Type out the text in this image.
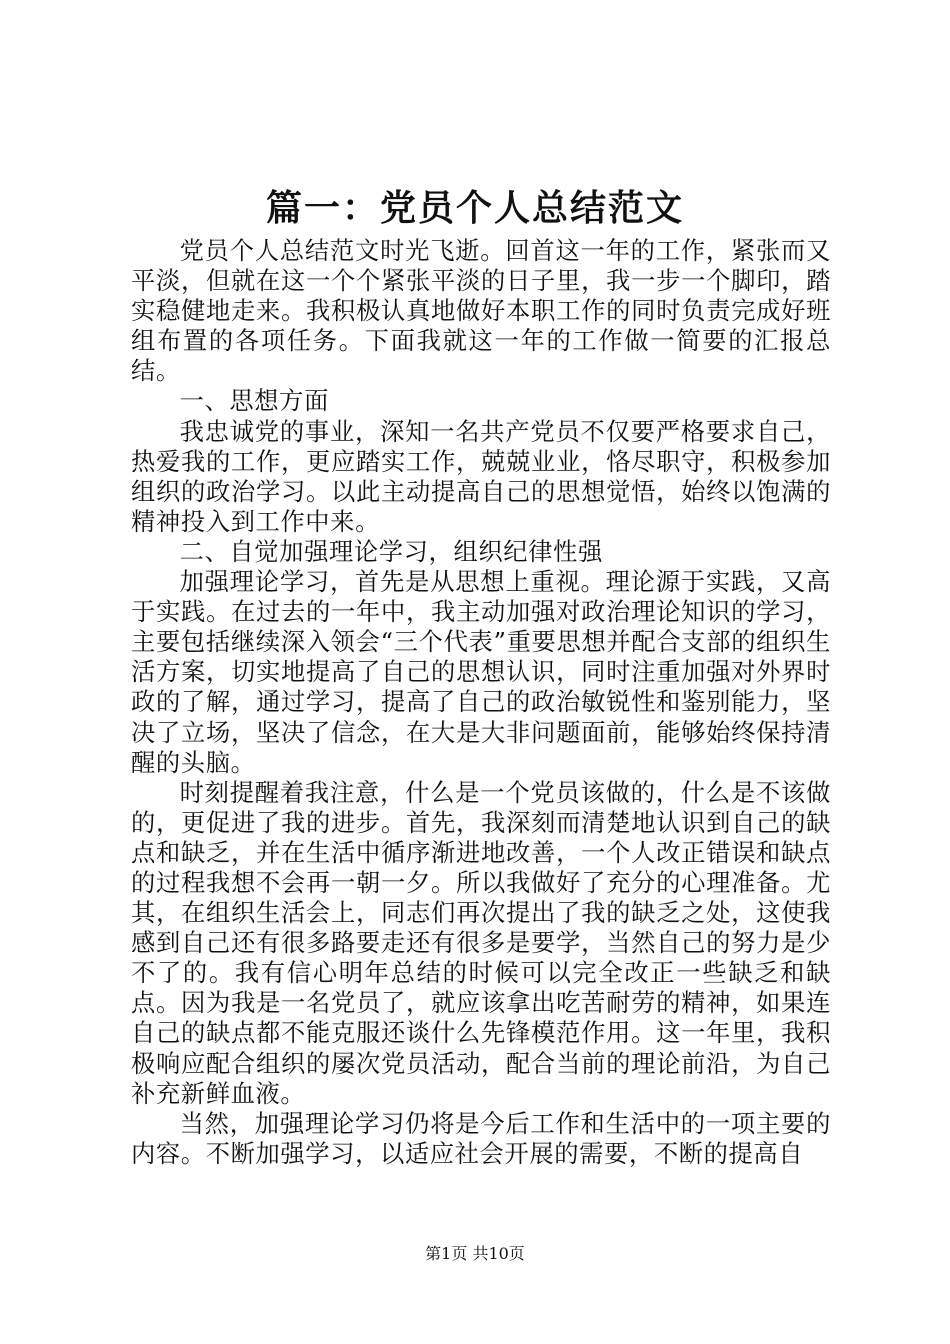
篇一：党员个人总结范文

党员个人总结范文时光飞逝。回首这一年的工作，紧张而又平淡，但就在这一个个紧张平淡的日子里，我一步一个脚印，踏实稳健地走来。我积极认真地做好本职工作的同时负责完成好班组布置的各项任务。下面我就这一年的工作做一简要的汇报总结。

一、思想方面

我忠诚党的事业，深知一名共产党员不仅要严格要求自己，热爱我的工作，更应踏实工作，兢兢业业，恪尽职守，积极参加组织的政治学习。以此主动提高自己的思想觉悟，始终以饱满的精神投入到工作中来。

二、自觉加强理论学习，组织纪律性强

加强理论学习，首先是从思想上重视。理论源于实践，又高于实践。在过去的一年中，我主动加强对政治理论知识的学习，主要包括继续深入领会“三个代表”重要思想并配合支部的组织生活方案，切实地提高了自己的思想认识，同时注重加强对外界时政的了解，通过学习，提高了自己的政治敏锐性和鉴别能力，坚决了立场，坚决了信念，在大是大非问题面前，能够始终保持清醒的头脑。

时刻提醒着我注意，什么是一个党员该做的，什么是不该做的，更促进了我的进步。首先，我深刻而清楚地认识到自己的缺点和缺乏，并在生活中循序渐进地改善，一个人改正错误和缺点的过程我想不会再一朝一夕。所以我做好了充分的心理准备。尤其，在组织生活会上，同志们再次提出了我的缺乏之处，这使我感到自己还有很多路要走还有很多是要学，当然自己的努力是少不了的。我有信心明年总结的时候可以完全改正一些缺乏和缺点。因为我是一名党员了，就应该拿出吃苦耐劳的精神，如果连自己的缺点都不能克服还谈什么先锋模范作用。这一年里，我积极响应配合组织的屡次党员活动，配合当前的理论前沿，为自己补充新鲜血液。

当然，加强理论学习仍将是今后工作和生活中的一项主要的内容。不断加强学习，以适应社会开展的需要，不断的提高自

第1页 共10页
